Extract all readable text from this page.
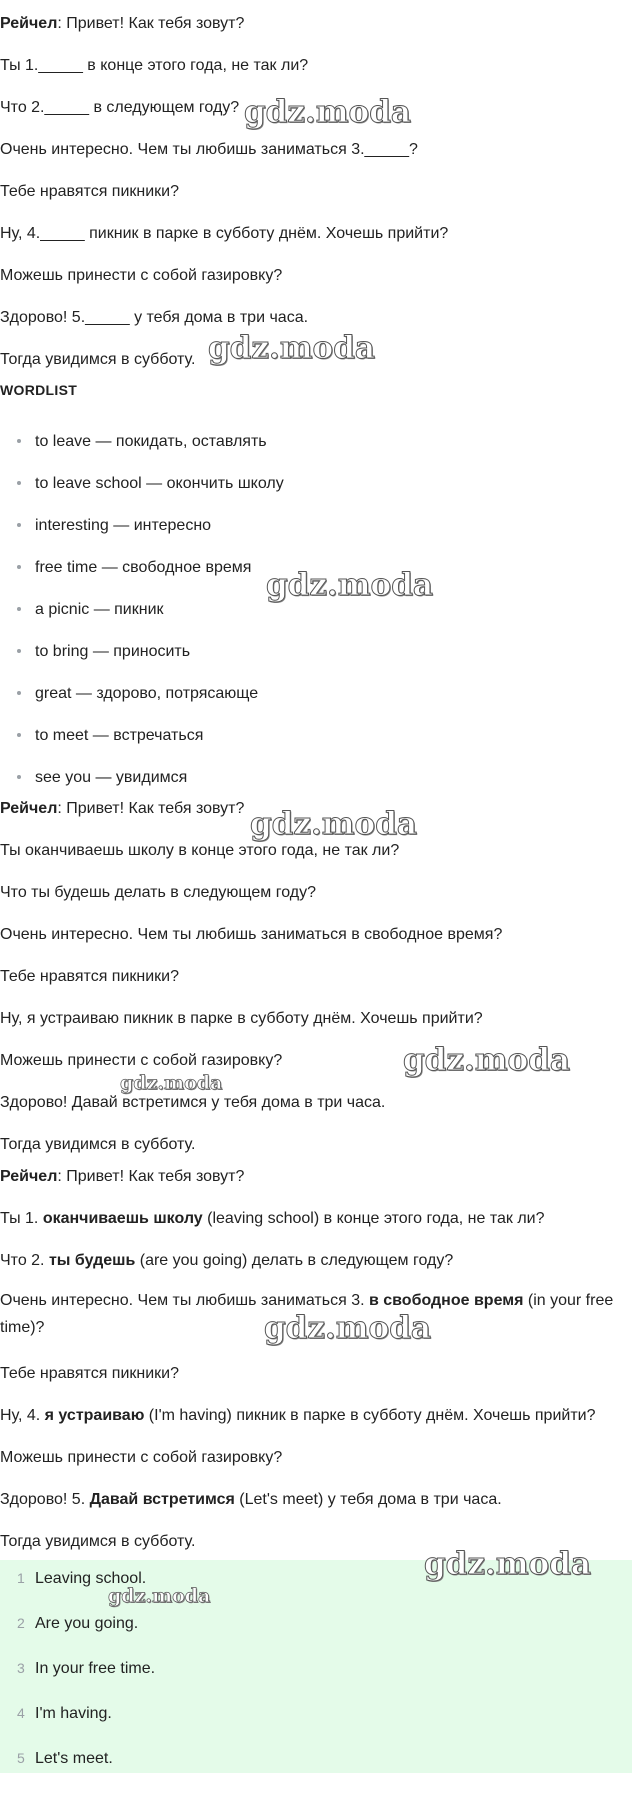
Рейчел: Привет! Как тебя зовут?
Ты 1._____ в конце этого года, не так ли?
Что 2._____ в следующем году?
Очень интересно. Чем ты любишь заниматься 3._____?
Тебе нравятся пикники?
Ну, 4._____ пикник в парке в субботу днём. Хочешь прийти?
Можешь принести с собой газировку?
Здорово! 5._____ у тебя дома в три часа.
Тогда увидимся в субботу.
WORDLIST
to leave — покидать, оставлять
to leave school — окончить школу
interesting — интересно
free time — свободное время
a picnic — пикник
to bring — приносить
great — здорово, потрясающе
to meet — встречаться
see you — увидимся
Рейчел: Привет! Как тебя зовут?
Ты оканчиваешь школу в конце этого года, не так ли?
Что ты будешь делать в следующем году?
Очень интересно. Чем ты любишь заниматься в свободное время?
Тебе нравятся пикники?
Ну, я устраиваю пикник в парке в субботу днём. Хочешь прийти?
Можешь принести с собой газировку?
Здорово! Давай встретимся у тебя дома в три часа.
Тогда увидимся в субботу.
Рейчел: Привет! Как тебя зовут?
Ты 1. оканчиваешь школу (leaving school) в конце этого года, не так ли?
Что 2. ты будешь (are you going) делать в следующем году?
Очень интересно. Чем ты любишь заниматься 3. в свободное время (in your free time)?
Тебе нравятся пикники?
Ну, 4. я устраиваю (I'm having) пикник в парке в субботу днём. Хочешь прийти?
Можешь принести с собой газировку?
Здорово! 5. Давай встретимся (Let's meet) у тебя дома в три часа.
Тогда увидимся в субботу.
1 Leaving school.
2 Are you going.
3 In your free time.
4 I'm having.
5 Let's meet.
gdz.moda
gdz.moda
gdz.moda
gdz.moda
gdz.moda
gdz.moda
gdz.moda
gdz.moda
gdz.moda
